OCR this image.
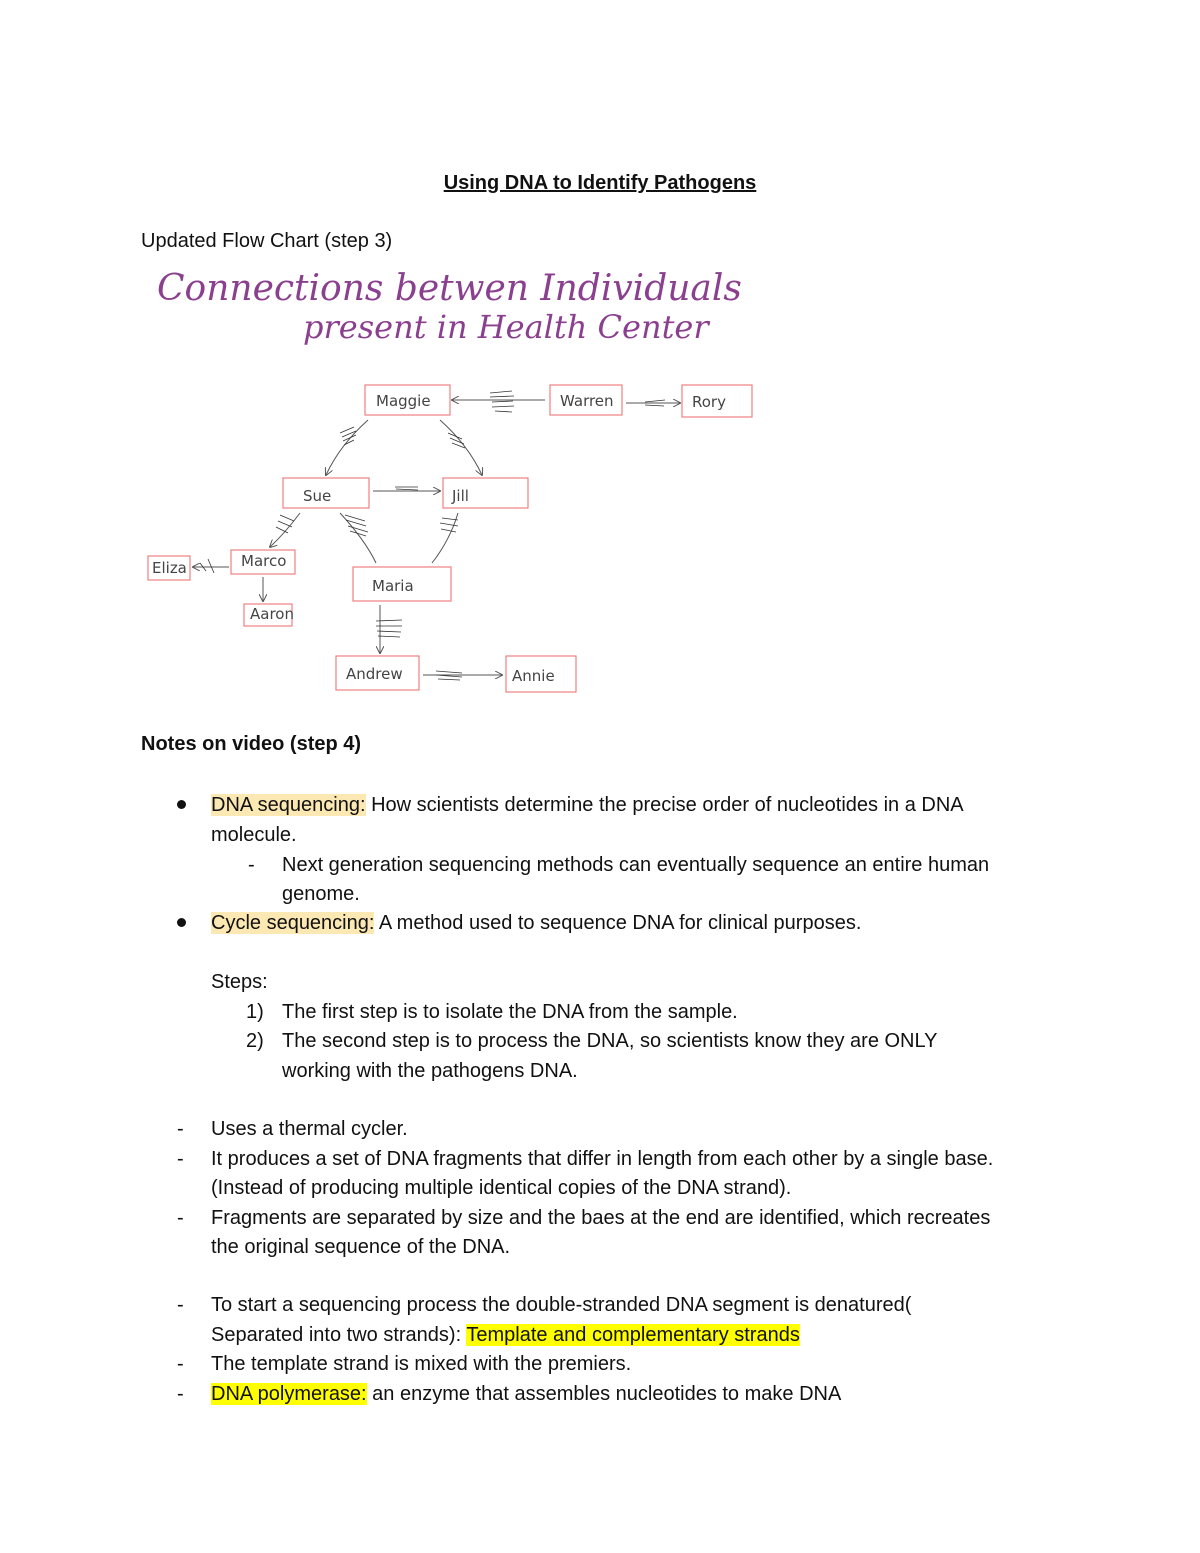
Using DNA to Identify Pathogens
Updated Flow Chart (step 3)
Connections betwen Individuals
present in Health Center
Maggie	Warren	Rory
Sue	Jill
Eliza	Marco
Aaron
Maria
Andrew	Annie
Notes on video (step 4)
DNA sequencing: How scientists determine the precise order of nucleotides in a DNA
molecule.
- Next generation sequencing methods can eventually sequence an entire human
genome.
Cycle sequencing: A method used to sequence DNA for clinical purposes.
Steps:
1) The first step is to isolate the DNA from the sample.
2) The second step is to process the DNA, so scientists know they are ONLY
working with the pathogens DNA.
- Uses a thermal cycler.
- It produces a set of DNA fragments that differ in length from each other by a single base.
(Instead of producing multiple identical copies of the DNA strand).
- Fragments are separated by size and the baes at the end are identified, which recreates
the original sequence of the DNA.
- To start a sequencing process the double-stranded DNA segment is denatured(
Separated into two strands): Template and complementary strands
- The template strand is mixed with the premiers.
- DNA polymerase: an enzyme that assembles nucleotides to make DNA
